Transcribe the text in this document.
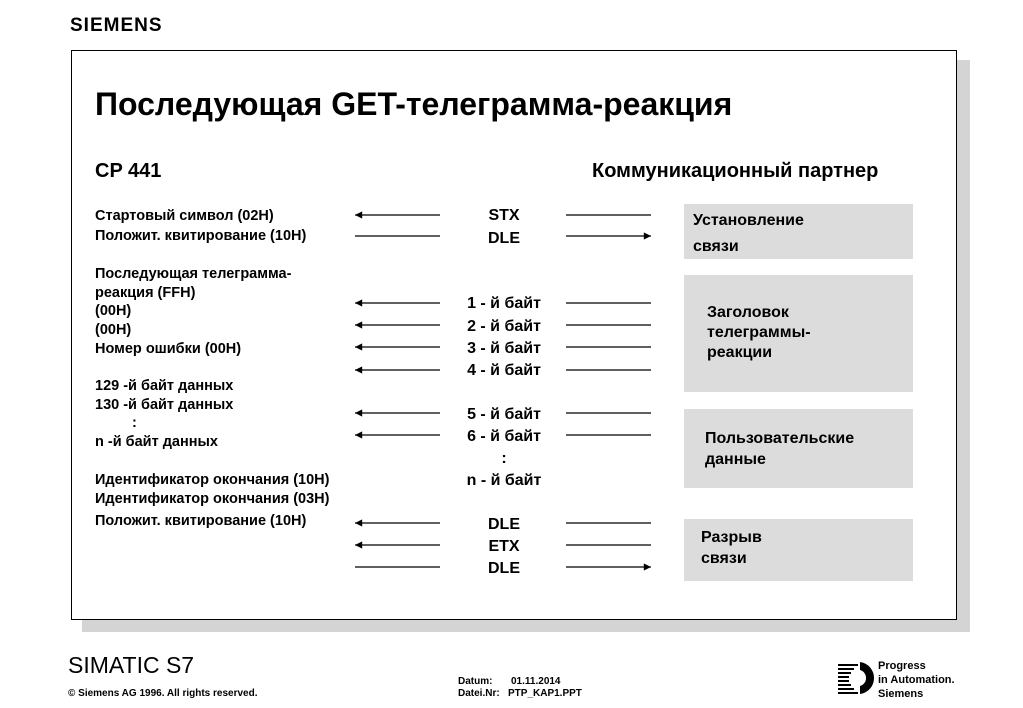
SIEMENS
Последующая GET-телеграмма-реакция
CP 441	Коммуникационный партнер
Стартовый символ (02H)
Положит. квитирование (10H)
Последующая телеграмма-
реакция (FFH)
(00H)
(00H)
Номер ошибки (00H)
129 -й байт данных
130 -й байт данных
:
n -й байт данных
Идентификатор окончания (10H)
Идентификатор окончания (03H)
Положит. квитирование (10H)
STX
DLE
1 - й байт
2 - й байт
3 - й байт
4 - й байт
5 - й байт
6 - й байт
:
n - й байт
DLE
ETX
DLE
Установление
связи
Заголовок
телеграммы-
реакции
Пользовательские
данные
Разрыв
связи
SIMATIC S7
© Siemens AG 1996. All rights reserved.
Datum: 01.11.2014
Datei.Nr: PTP_KAP1.PPT
Progress
in Automation.
Siemens
